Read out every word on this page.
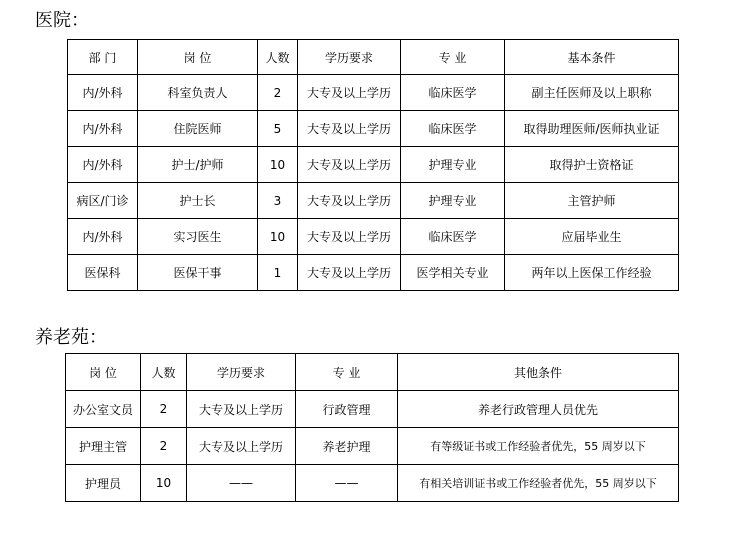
医院：
部 门	岗 位	人数	学历要求	专 业	基本条件
内/外科	科室负责人	2	大专及以上学历	临床医学	副主任医师及以上职称
内/外科	住院医师	5	大专及以上学历	临床医学	取得助理医师/医师执业证
内/外科	护士/护师	10	大专及以上学历	护理专业	取得护士资格证
病区/门诊	护士长	3	大专及以上学历	护理专业	主管护师
内/外科	实习医生	10	大专及以上学历	临床医学	应届毕业生
医保科	医保干事	1	大专及以上学历	医学相关专业	两年以上医保工作经验
养老苑：
岗 位	人数	学历要求	专 业	其他条件
办公室文员	2	大专及以上学历	行政管理	养老行政管理人员优先
护理主管	2	大专及以上学历	养老护理	有等级证书或工作经验者优先，55 周岁以下
护理员	10	——	——	有相关培训证书或工作经验者优先，55 周岁以下
